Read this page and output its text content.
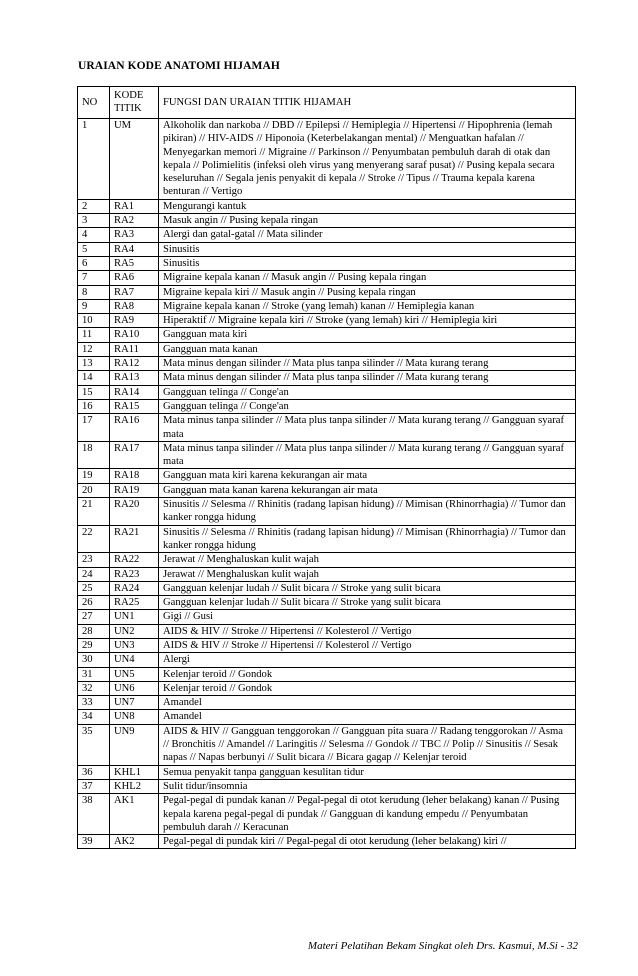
URAIAN KODE ANATOMI HIJAMAH
NO	KODE TITIK	FUNGSI DAN URAIAN TITIK HIJAMAH
1	UM	Alkoholik dan narkoba // DBD // Epilepsi // Hemiplegia // Hipertensi // Hipophrenia (lemah pikiran) // HIV-AIDS // Hiponoia (Keterbelakangan mental) // Menguatkan hafalan // Menyegarkan memori // Migraine // Parkinson // Penyumbatan pembuluh darah di otak dan kepala // Polimielitis (infeksi oleh virus yang menyerang saraf pusat) // Pusing kepala secara keseluruhan // Segala jenis penyakit di kepala // Stroke // Tipus // Trauma kepala karena benturan // Vertigo
2	RA1	Mengurangi kantuk
3	RA2	Masuk angin // Pusing kepala ringan
4	RA3	Alergi dan gatal-gatal // Mata silinder
5	RA4	Sinusitis
6	RA5	Sinusitis
7	RA6	Migraine kepala kanan // Masuk angin // Pusing kepala ringan
8	RA7	Migraine kepala kiri // Masuk angin // Pusing kepala ringan
9	RA8	Migraine kepala kanan // Stroke (yang lemah) kanan // Hemiplegia kanan
10	RA9	Hiperaktif // Migraine kepala kiri // Stroke (yang lemah) kiri // Hemiplegia kiri
11	RA10	Gangguan mata kiri
12	RA11	Gangguan mata kanan
13	RA12	Mata minus dengan silinder // Mata plus tanpa silinder // Mata kurang terang
14	RA13	Mata minus dengan silinder // Mata plus tanpa silinder // Mata kurang terang
15	RA14	Gangguan telinga // Conge'an
16	RA15	Gangguan telinga // Conge'an
17	RA16	Mata minus tanpa silinder // Mata plus tanpa silinder // Mata kurang terang // Gangguan syaraf mata
18	RA17	Mata minus tanpa silinder // Mata plus tanpa silinder // Mata kurang terang // Gangguan syaraf mata
19	RA18	Gangguan mata kiri karena kekurangan air mata
20	RA19	Gangguan mata kanan karena kekurangan air mata
21	RA20	Sinusitis // Selesma // Rhinitis (radang lapisan hidung) // Mimisan (Rhinorrhagia) // Tumor dan kanker rongga hidung
22	RA21	Sinusitis // Selesma // Rhinitis (radang lapisan hidung) // Mimisan (Rhinorrhagia) // Tumor dan kanker rongga hidung
23	RA22	Jerawat // Menghaluskan kulit wajah
24	RA23	Jerawat // Menghaluskan kulit wajah
25	RA24	Gangguan kelenjar ludah // Sulit bicara // Stroke yang sulit bicara
26	RA25	Gangguan kelenjar ludah // Sulit bicara // Stroke yang sulit bicara
27	UN1	Gigi // Gusi
28	UN2	AIDS & HIV // Stroke // Hipertensi // Kolesterol // Vertigo
29	UN3	AIDS & HIV // Stroke // Hipertensi // Kolesterol // Vertigo
30	UN4	Alergi
31	UN5	Kelenjar teroid // Gondok
32	UN6	Kelenjar teroid // Gondok
33	UN7	Amandel
34	UN8	Amandel
35	UN9	AIDS & HIV // Gangguan tenggorokan // Gangguan pita suara // Radang tenggorokan // Asma // Bronchitis // Amandel // Laringitis // Selesma // Gondok // TBC // Polip // Sinusitis // Sesak napas // Napas berbunyi // Sulit bicara // Bicara gagap // Kelenjar teroid
36	KHL1	Semua penyakit tanpa gangguan kesulitan tidur
37	KHL2	Sulit tidur/insomnia
38	AK1	Pegal-pegal di pundak kanan // Pegal-pegal di otot kerudung (leher belakang) kanan // Pusing kepala karena pegal-pegal di pundak // Gangguan di kandung empedu // Penyumbatan pembuluh darah // Keracunan
39	AK2	Pegal-pegal di pundak kiri // Pegal-pegal di otot kerudung (leher belakang) kiri //
Materi Pelatihan Bekam Singkat oleh Drs. Kasmui, M.Si - 32
